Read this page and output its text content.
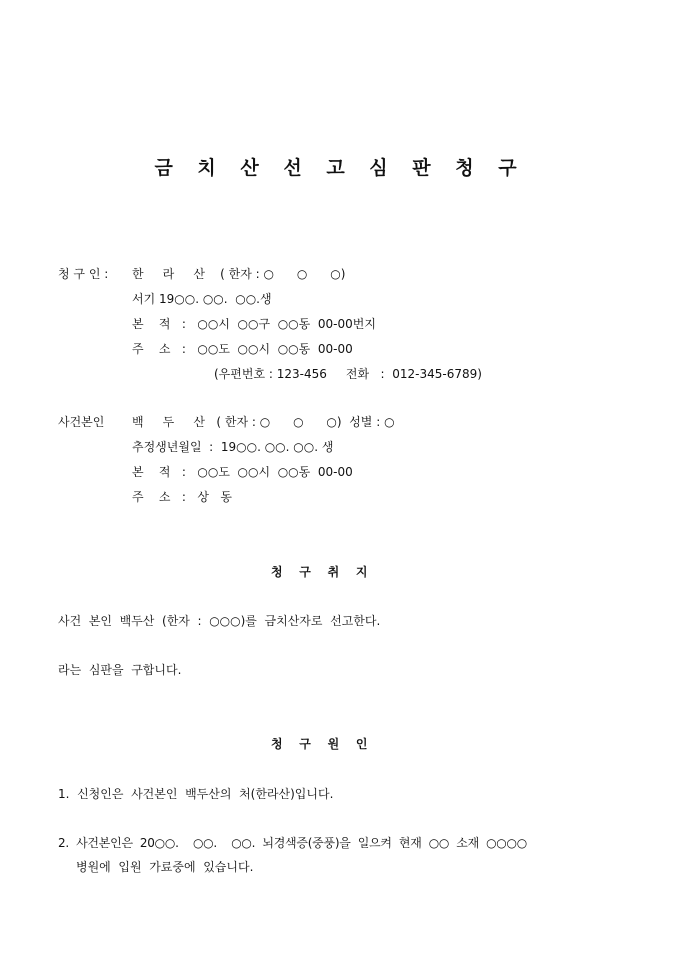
금 치 산 선 고 심 판 청 구
청 구 인 : 한     라     산    ( 한자 : ○      ○      ○)
서기 19○○. ○○.  ○○.생
본    적   :   ○○시  ○○구  ○○동  00-00번지
주    소   :   ○○도  ○○시  ○○동  00-00
(우편번호 : 123-456     전화   :  012-345-6789)
사건본인 백     두     산   ( 한자 : ○      ○      ○)  성별 : ○
추정생년월일  :  19○○. ○○. ○○. 생
본    적   :   ○○도  ○○시  ○○동  00-00
주    소   :   상   동
청    구    취    지
사건  본인  백두산  (한자  :  ○○○)를  금치산자로  선고한다.
라는  심판을  구합니다.
청    구    원    인
1.  신청인은  사건본인  백두산의  처(한라산)입니다.
2.  사건본인은  20○○.    ○○.    ○○.  뇌경색증(중풍)을  일으켜  현재  ○○  소재  ○○○○
병원에  입원  가료중에  있습니다.
